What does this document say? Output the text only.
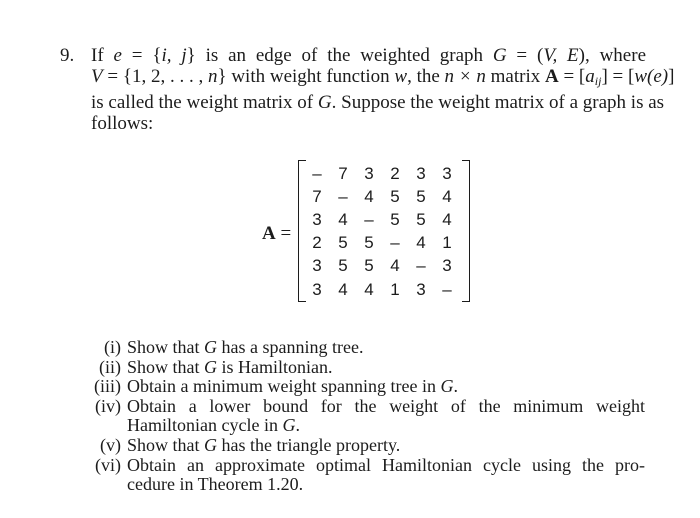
9. If e = {i, j} is an edge of the weighted graph G = (V, E), where
V = {1, 2, . . . , n} with weight function w, the n × n matrix $A = [a_{ij}] = [w(e)]$
is called the weight matrix of G. Suppose the weight matrix of a graph is as
follows:
A =
– 7 3 2 3 3
7 – 4 5 5 4
3 4 – 5 5 4
2 5 5 – 4 1
3 5 5 4 – 3
3 4 4 1 3 –
(i) Show that G has a spanning tree.
(ii) Show that G is Hamiltonian.
(iii) Obtain a minimum weight spanning tree in G.
(iv) Obtain a lower bound for the weight of the minimum weight
Hamiltonian cycle in G.
(v) Show that G has the triangle property.
(vi) Obtain an approximate optimal Hamiltonian cycle using the pro-
cedure in Theorem 1.20.
